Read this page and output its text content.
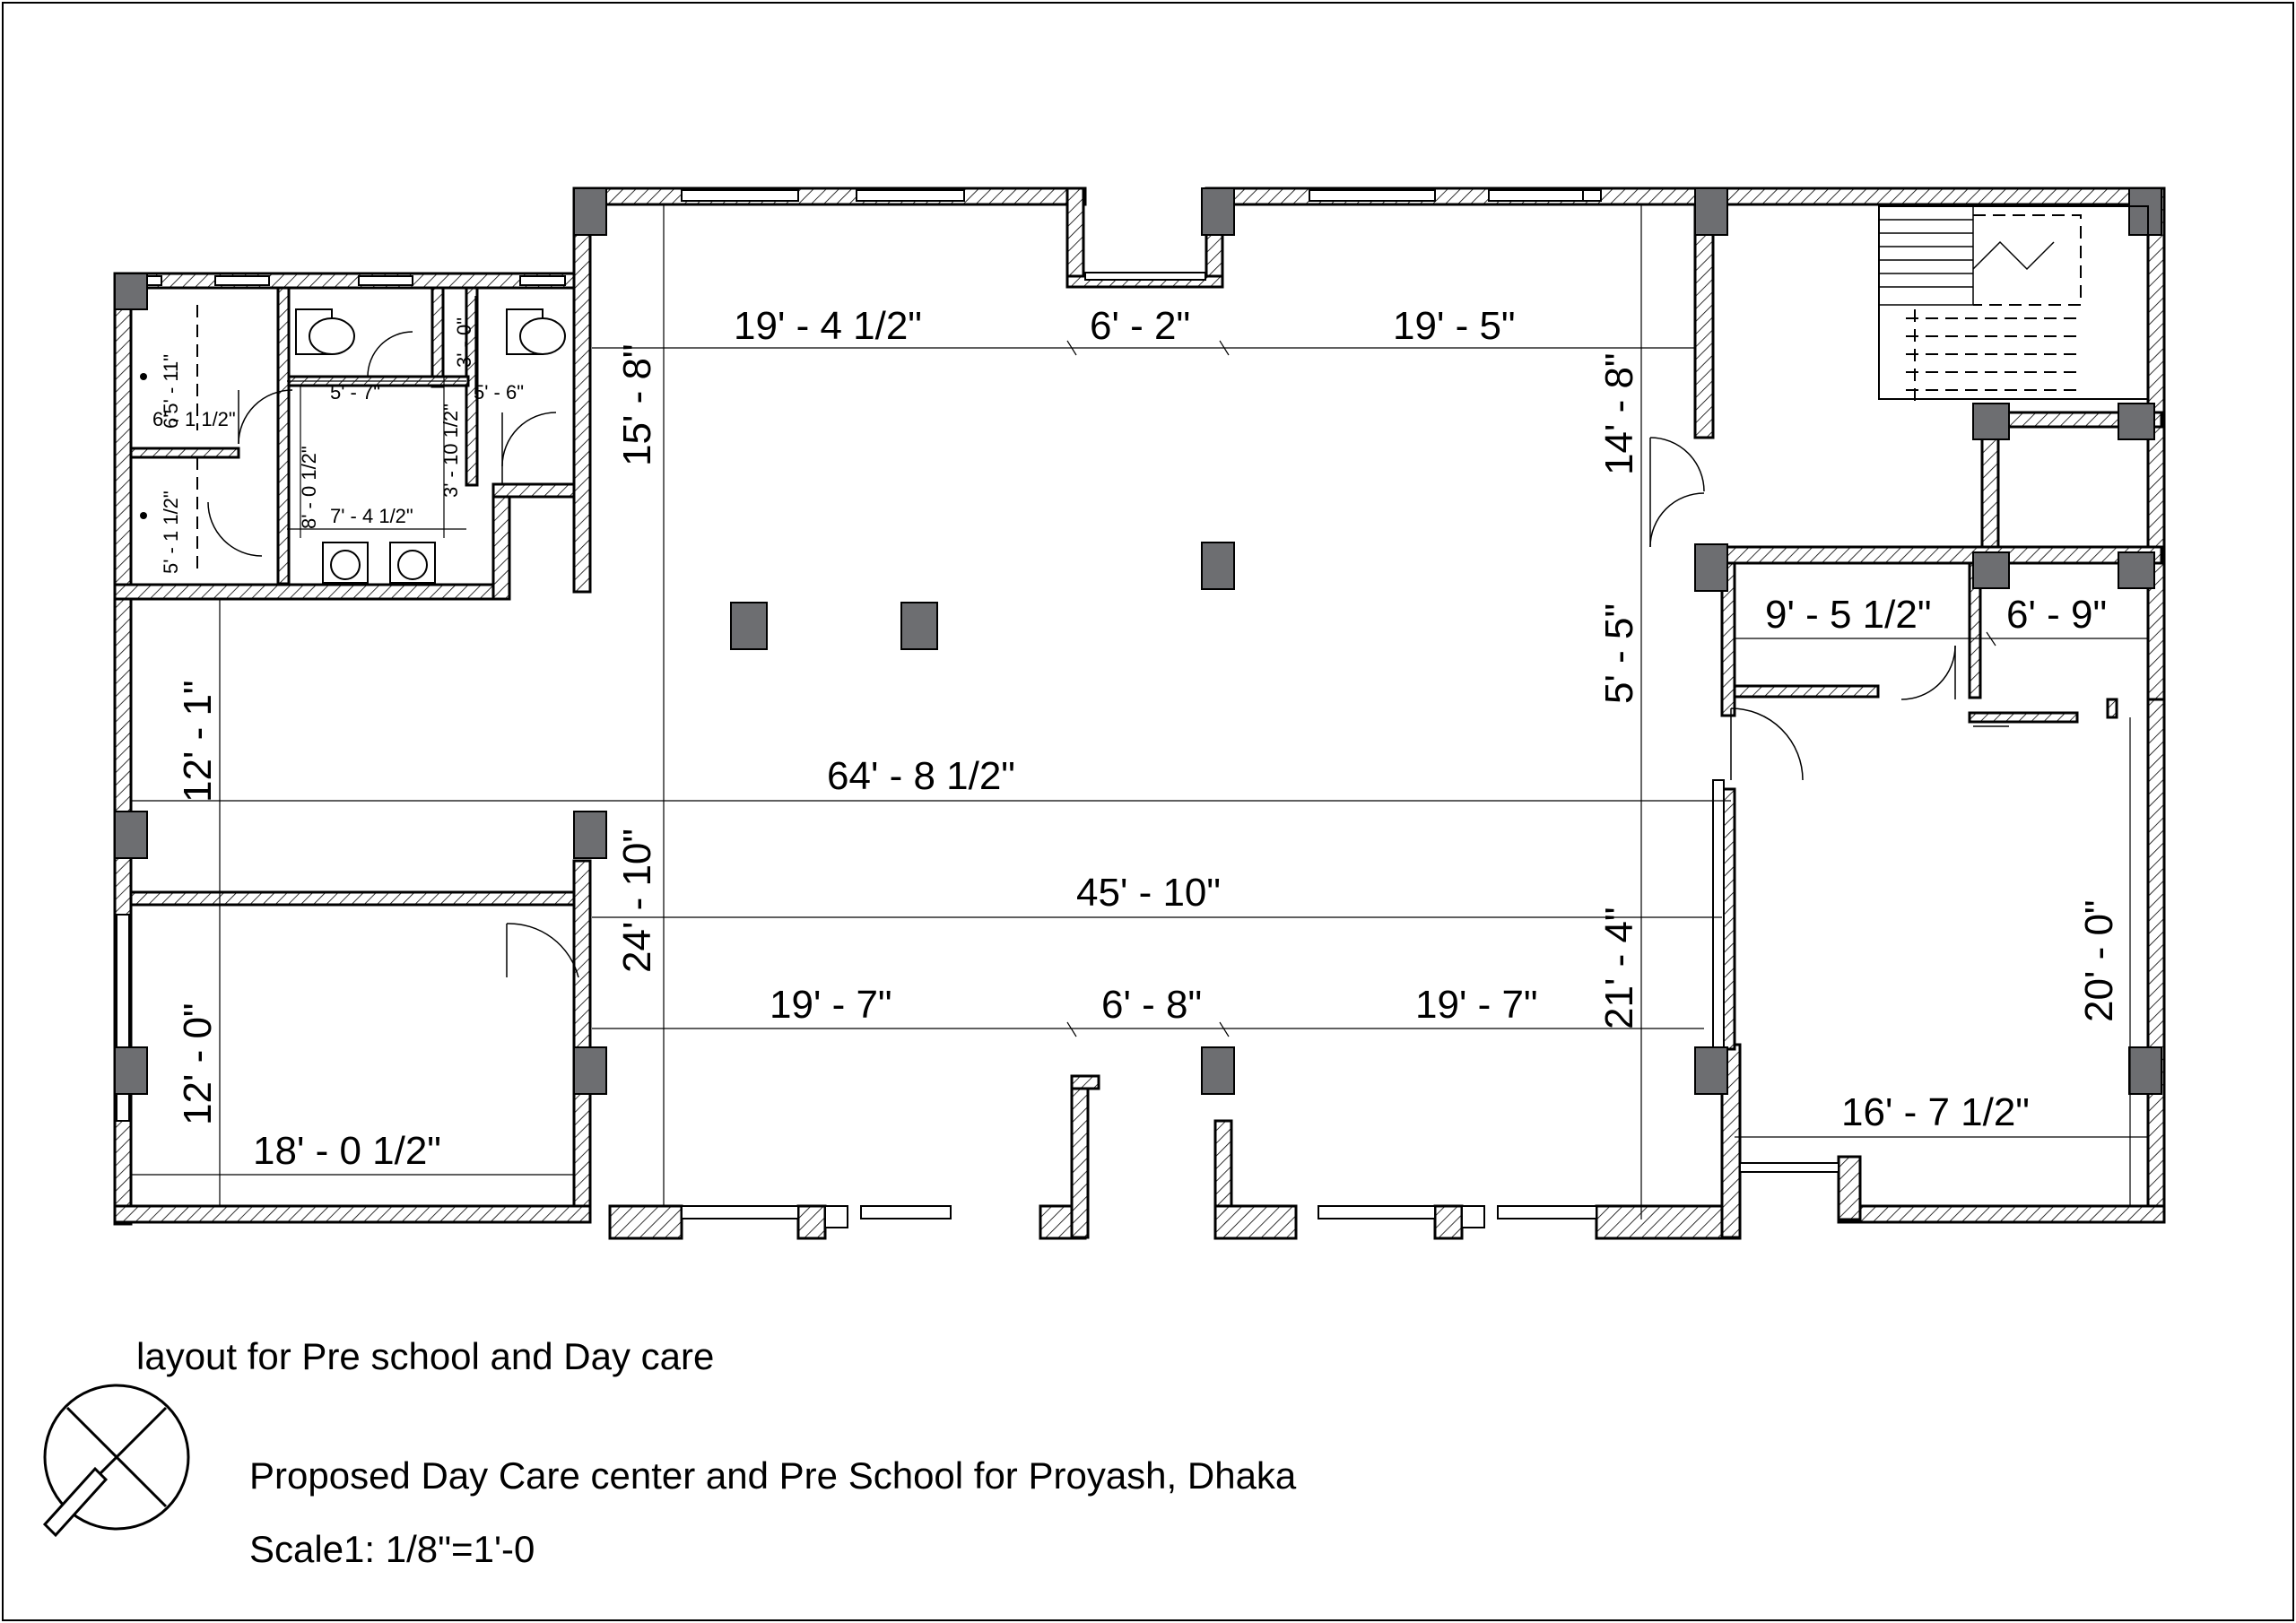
19' - 4 1/2"	6' - 2"	19' - 5"
15' - 8"
24' - 10"
64' - 8 1/2"
45' - 10"
19' - 7"	6' - 8"	19' - 7"
12' - 1"
12' - 0"
18' - 0 1/2"
14' - 8"
5' - 5"
21' - 4"
9' - 5 1/2" 6' - 9"
20' - 0"
16' - 7 1/2"
6'5' - 11"
6' - 1 1/2"
5' - 1 1/2"
5' - 7"
3' - 0"
5' - 6"
3' - 10 1/2"
8' - 0 1/2" 7' - 4 1/2"
layout for Pre school and Day care
Proposed Day Care center and Pre School for Proyash, Dhaka
Scale1: 1/8"=1'-0
